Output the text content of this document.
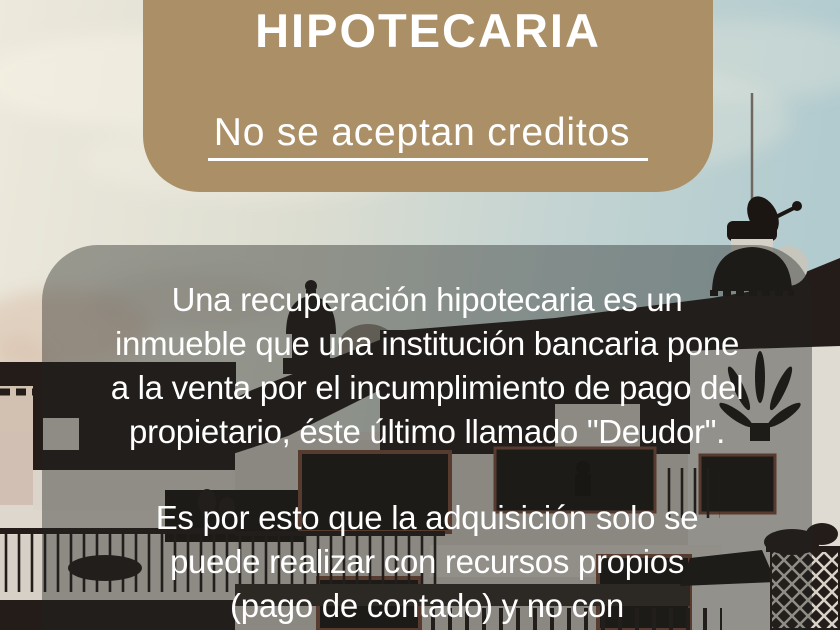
HIPOTECARIA
No se aceptan creditos
Una recuperación hipotecaria es un
inmueble que una institución bancaria pone
a la venta por el incumplimiento de pago del
propietario, éste último llamado "Deudor".
Es por esto que la adquisición solo se
puede realizar con recursos propios
(pago de contado) y no con
